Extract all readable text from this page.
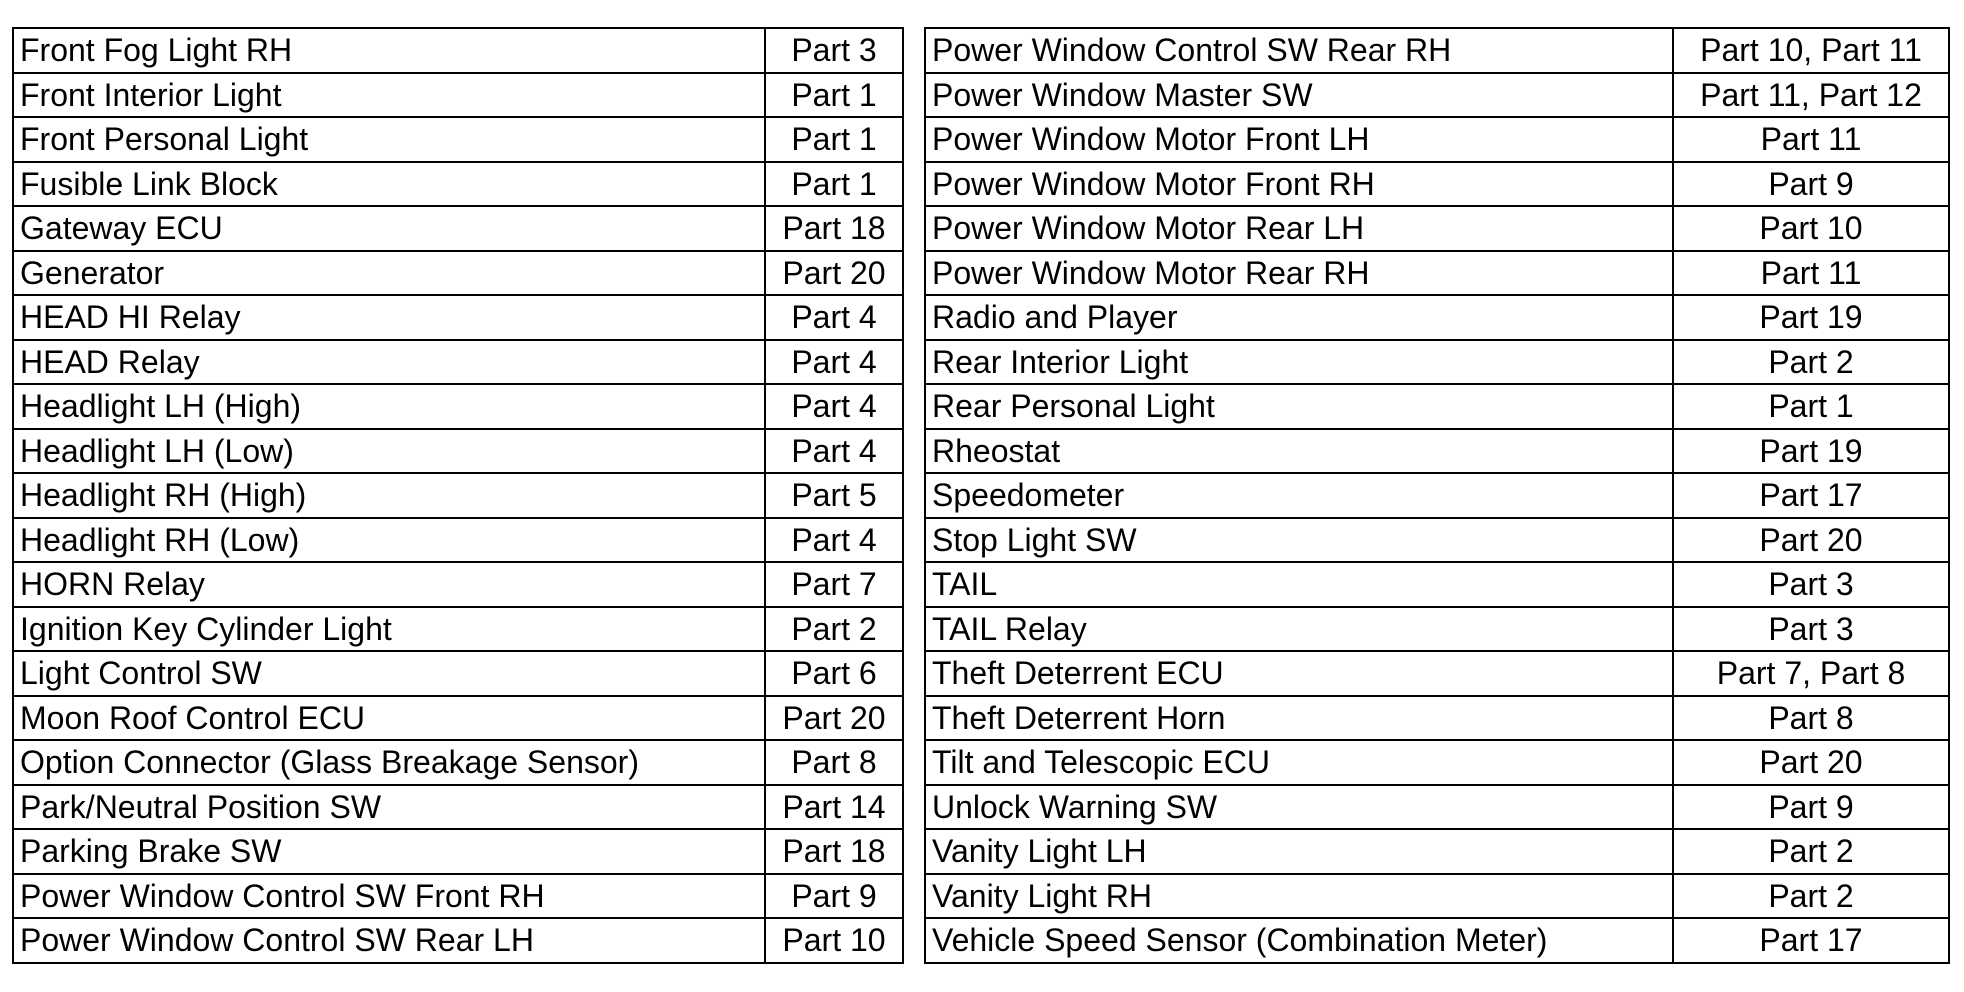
Front Fog Light RH	Part 3
Front Interior Light	Part 1
Front Personal Light	Part 1
Fusible Link Block	Part 1
Gateway ECU	Part 18
Generator	Part 20
HEAD HI Relay	Part 4
HEAD Relay	Part 4
Headlight LH (High)	Part 4
Headlight LH (Low)	Part 4
Headlight RH (High)	Part 5
Headlight RH (Low)	Part 4
HORN Relay	Part 7
Ignition Key Cylinder Light	Part 2
Light Control SW	Part 6
Moon Roof Control ECU	Part 20
Option Connector (Glass Breakage Sensor)	Part 8
Park/Neutral Position SW	Part 14
Parking Brake SW	Part 18
Power Window Control SW Front RH	Part 9
Power Window Control SW Rear LH	Part 10
Power Window Control SW Rear RH	Part 10, Part 11
Power Window Master SW	Part 11, Part 12
Power Window Motor Front LH	Part 11
Power Window Motor Front RH	Part 9
Power Window Motor Rear LH	Part 10
Power Window Motor Rear RH	Part 11
Radio and Player	Part 19
Rear Interior Light	Part 2
Rear Personal Light	Part 1
Rheostat	Part 19
Speedometer	Part 17
Stop Light SW	Part 20
TAIL	Part 3
TAIL Relay	Part 3
Theft Deterrent ECU	Part 7, Part 8
Theft Deterrent Horn	Part 8
Tilt and Telescopic ECU	Part 20
Unlock Warning SW	Part 9
Vanity Light LH	Part 2
Vanity Light RH	Part 2
Vehicle Speed Sensor (Combination Meter)	Part 17
